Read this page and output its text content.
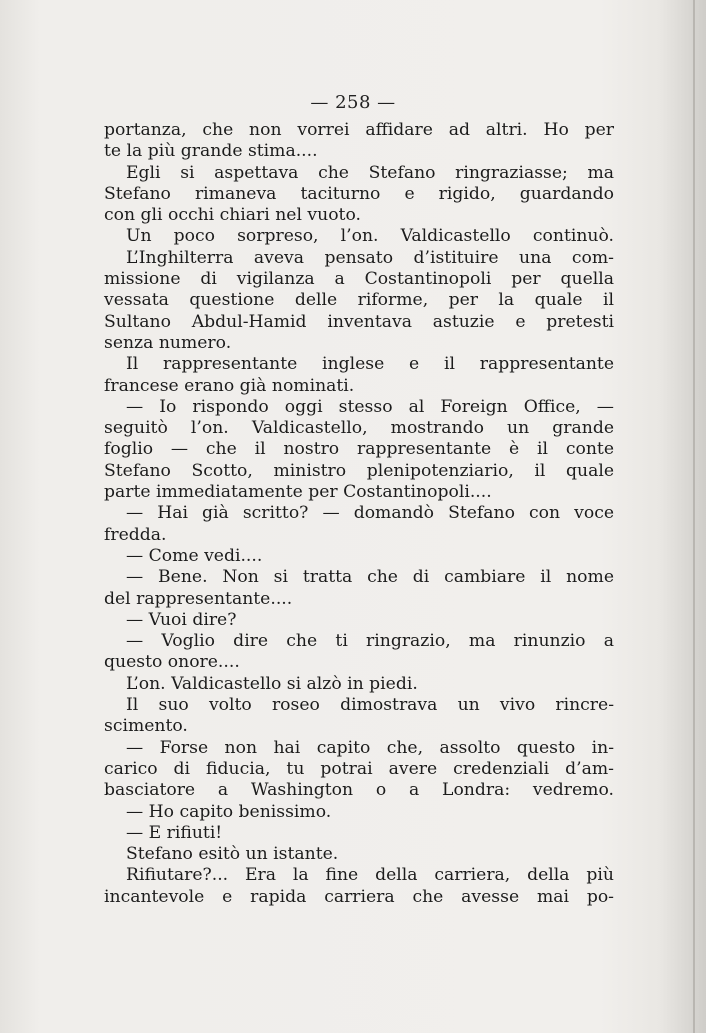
— 258 —
portanza, che non vorrei affidare ad altri. Ho per
te la più grande stima....
Egli si aspettava che Stefano ringraziasse; ma
Stefano rimaneva taciturno e rigido, guardando
con gli occhi chiari nel vuoto.
Un poco sorpreso, l’on. Valdicastello continuò.
L’Inghilterra aveva pensato d’istituire una com-
missione di vigilanza a Costantinopoli per quella
vessata questione delle riforme, per la quale il
Sultano Abdul-Hamid inventava astuzie e pretesti
senza numero.
Il rappresentante inglese e il rappresentante
francese erano già nominati.
— Io rispondo oggi stesso al Foreign Office, —
seguitò l’on. Valdicastello, mostrando un grande
foglio — che il nostro rappresentante è il conte
Stefano Scotto, ministro plenipotenziario, il quale
parte immediatamente per Costantinopoli....
— Hai già scritto? — domandò Stefano con voce
fredda.
— Come vedi....
— Bene. Non si tratta che di cambiare il nome
del rappresentante....
— Vuoi dire?
— Voglio dire che ti ringrazio, ma rinunzio a
questo onore....
L’on. Valdicastello si alzò in piedi.
Il suo volto roseo dimostrava un vivo rincre-
scimento.
— Forse non hai capito che, assolto questo in-
carico di fiducia, tu potrai avere credenziali d’am-
basciatore a Washington o a Londra: vedremo.
— Ho capito benissimo.
— E rifiuti!
Stefano esitò un istante.
Rifiutare?... Era la fine della carriera, della più
incantevole e rapida carriera che avesse mai po-
